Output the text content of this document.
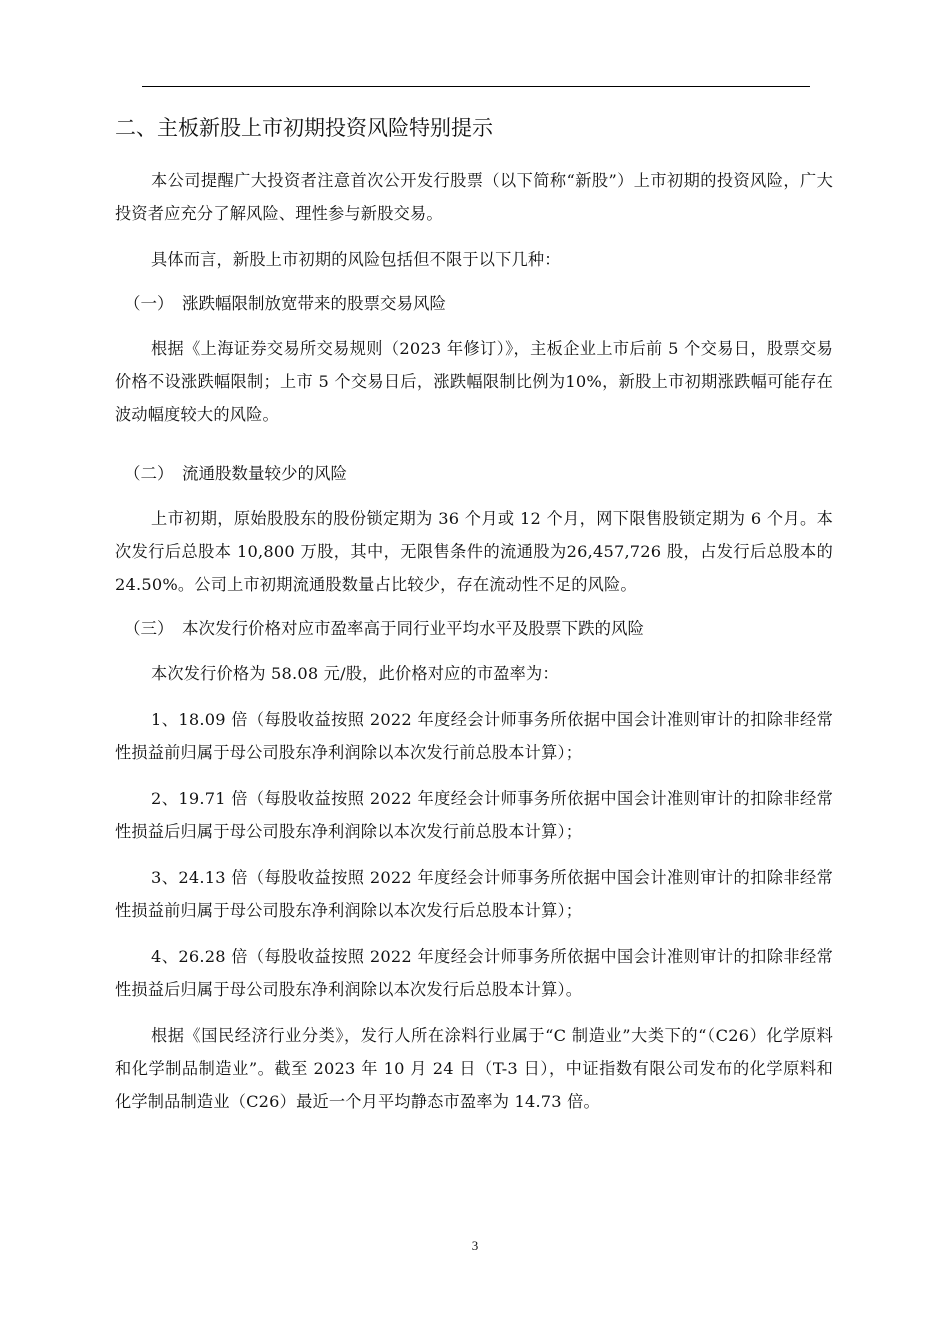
二、主板新股上市初期投资风险特别提示

本公司提醒广大投资者注意首次公开发行股票（以下简称“新股”）上市初期的投资风险，广大投资者应充分了解风险、理性参与新股交易。

具体而言，新股上市初期的风险包括但不限于以下几种：

（一） 涨跌幅限制放宽带来的股票交易风险

根据《上海证券交易所交易规则（2023 年修订）》，主板企业上市后前 5 个交易日，股票交易价格不设涨跌幅限制；上市 5 个交易日后，涨跌幅限制比例为10%，新股上市初期涨跌幅可能存在波动幅度较大的风险。

（二） 流通股数量较少的风险

上市初期，原始股股东的股份锁定期为 36 个月或 12 个月，网下限售股锁定期为 6 个月。本次发行后总股本 10,800 万股，其中，无限售条件的流通股为26,457,726 股，占发行后总股本的 24.50%。公司上市初期流通股数量占比较少，存在流动性不足的风险。

（三） 本次发行价格对应市盈率高于同行业平均水平及股票下跌的风险

本次发行价格为 58.08 元/股，此价格对应的市盈率为：

1、18.09 倍（每股收益按照 2022 年度经会计师事务所依据中国会计准则审计的扣除非经常性损益前归属于母公司股东净利润除以本次发行前总股本计算）；

2、19.71 倍（每股收益按照 2022 年度经会计师事务所依据中国会计准则审计的扣除非经常性损益后归属于母公司股东净利润除以本次发行前总股本计算）；

3、24.13 倍（每股收益按照 2022 年度经会计师事务所依据中国会计准则审计的扣除非经常性损益前归属于母公司股东净利润除以本次发行后总股本计算）；

4、26.28 倍（每股收益按照 2022 年度经会计师事务所依据中国会计准则审计的扣除非经常性损益后归属于母公司股东净利润除以本次发行后总股本计算）。

根据《国民经济行业分类》，发行人所在涂料行业属于“C 制造业”大类下的“（C26）化学原料和化学制品制造业”。截至 2023 年 10 月 24 日（T-3 日），中证指数有限公司发布的化学原料和化学制品制造业（C26）最近一个月平均静态市盈率为 14.73 倍。

3
